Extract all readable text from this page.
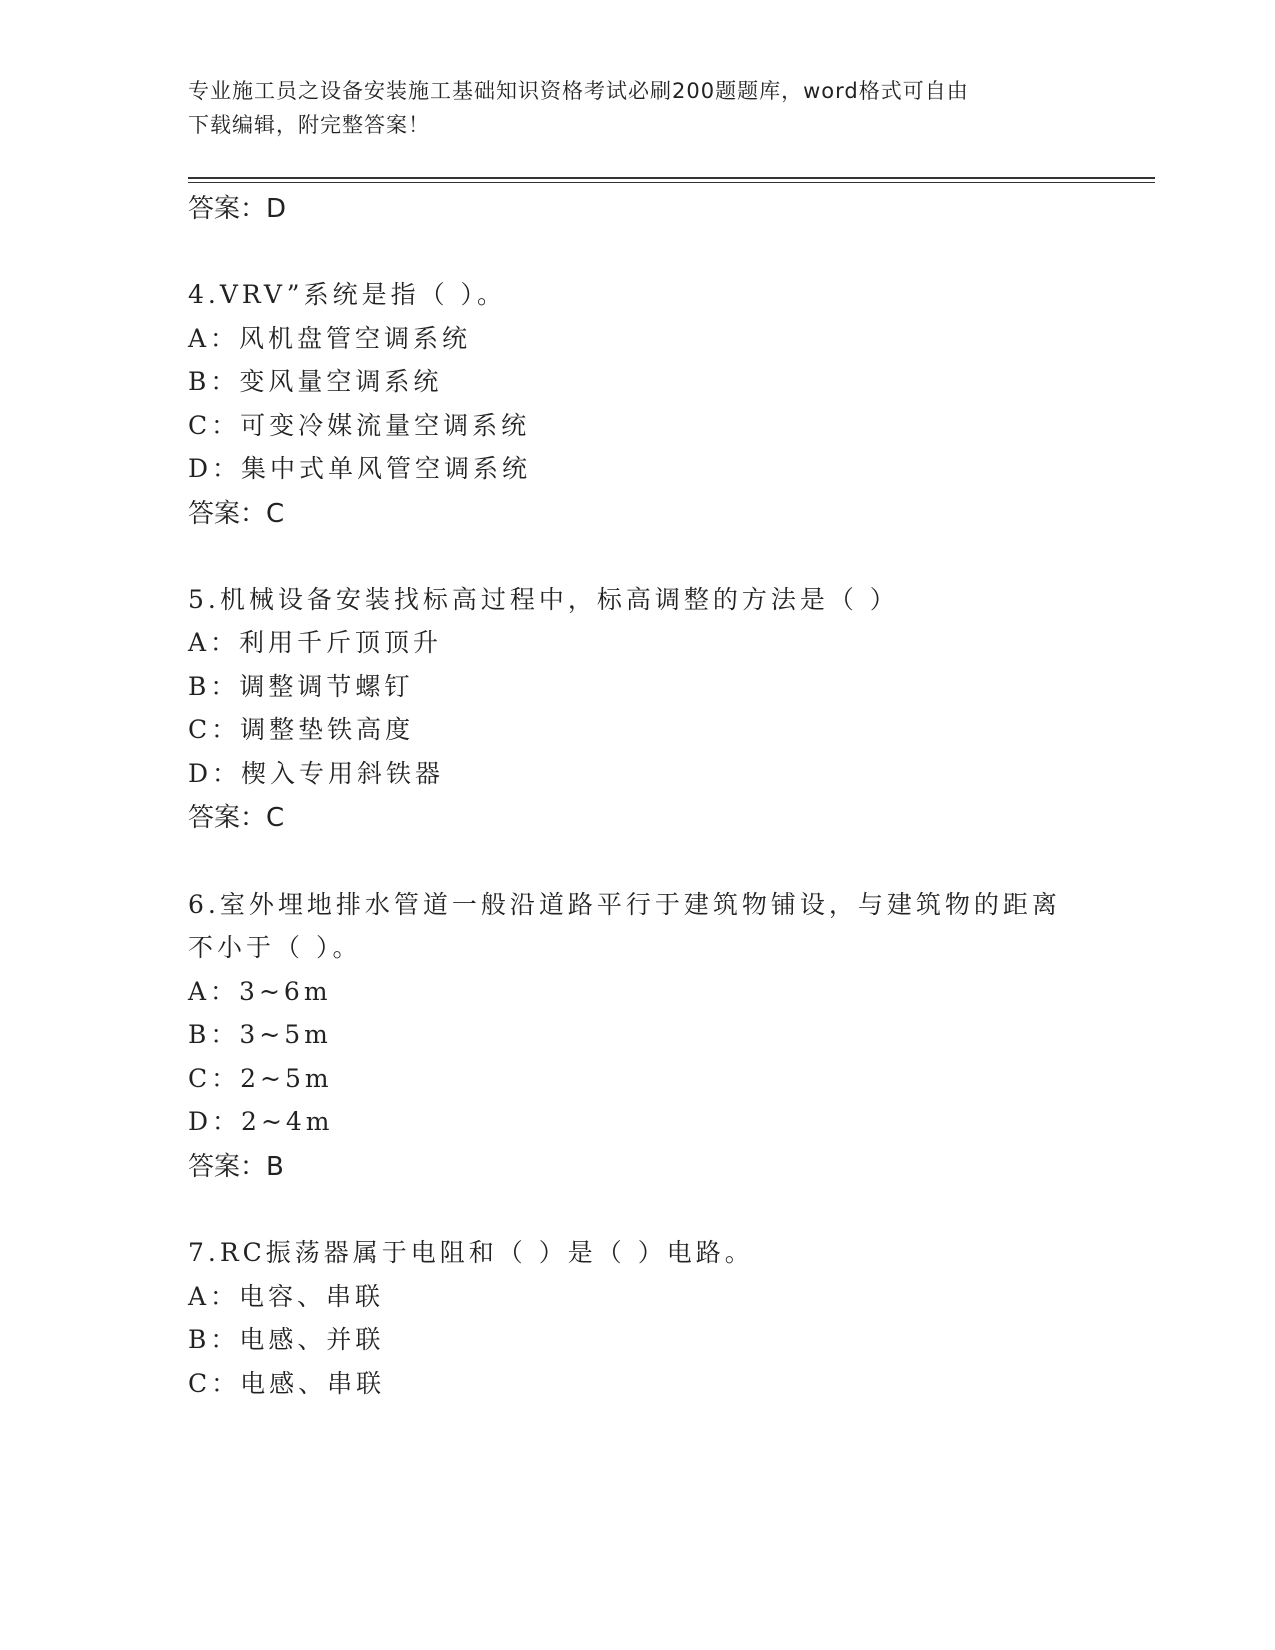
专业施工员之设备安装施工基础知识资格考试必刷200题题库，word格式可自由
下载编辑，附完整答案！
答案：D
4.VRV”系统是指（ ）。
A：风机盘管空调系统
B：变风量空调系统
C：可变冷媒流量空调系统
D：集中式单风管空调系统
答案：C
5.机械设备安装找标高过程中，标高调整的方法是（ ）
A：利用千斤顶顶升
B：调整调节螺钉
C：调整垫铁高度
D：楔入专用斜铁器
答案：C
6.室外埋地排水管道一般沿道路平行于建筑物铺设，与建筑物的距离
不小于（ ）。
A：3~6m
B：3~5m
C：2~5m
D：2~4m
答案：B
7.RC振荡器属于电阻和（ ）是（ ）电路。
A：电容、串联
B：电感、并联
C：电感、串联
